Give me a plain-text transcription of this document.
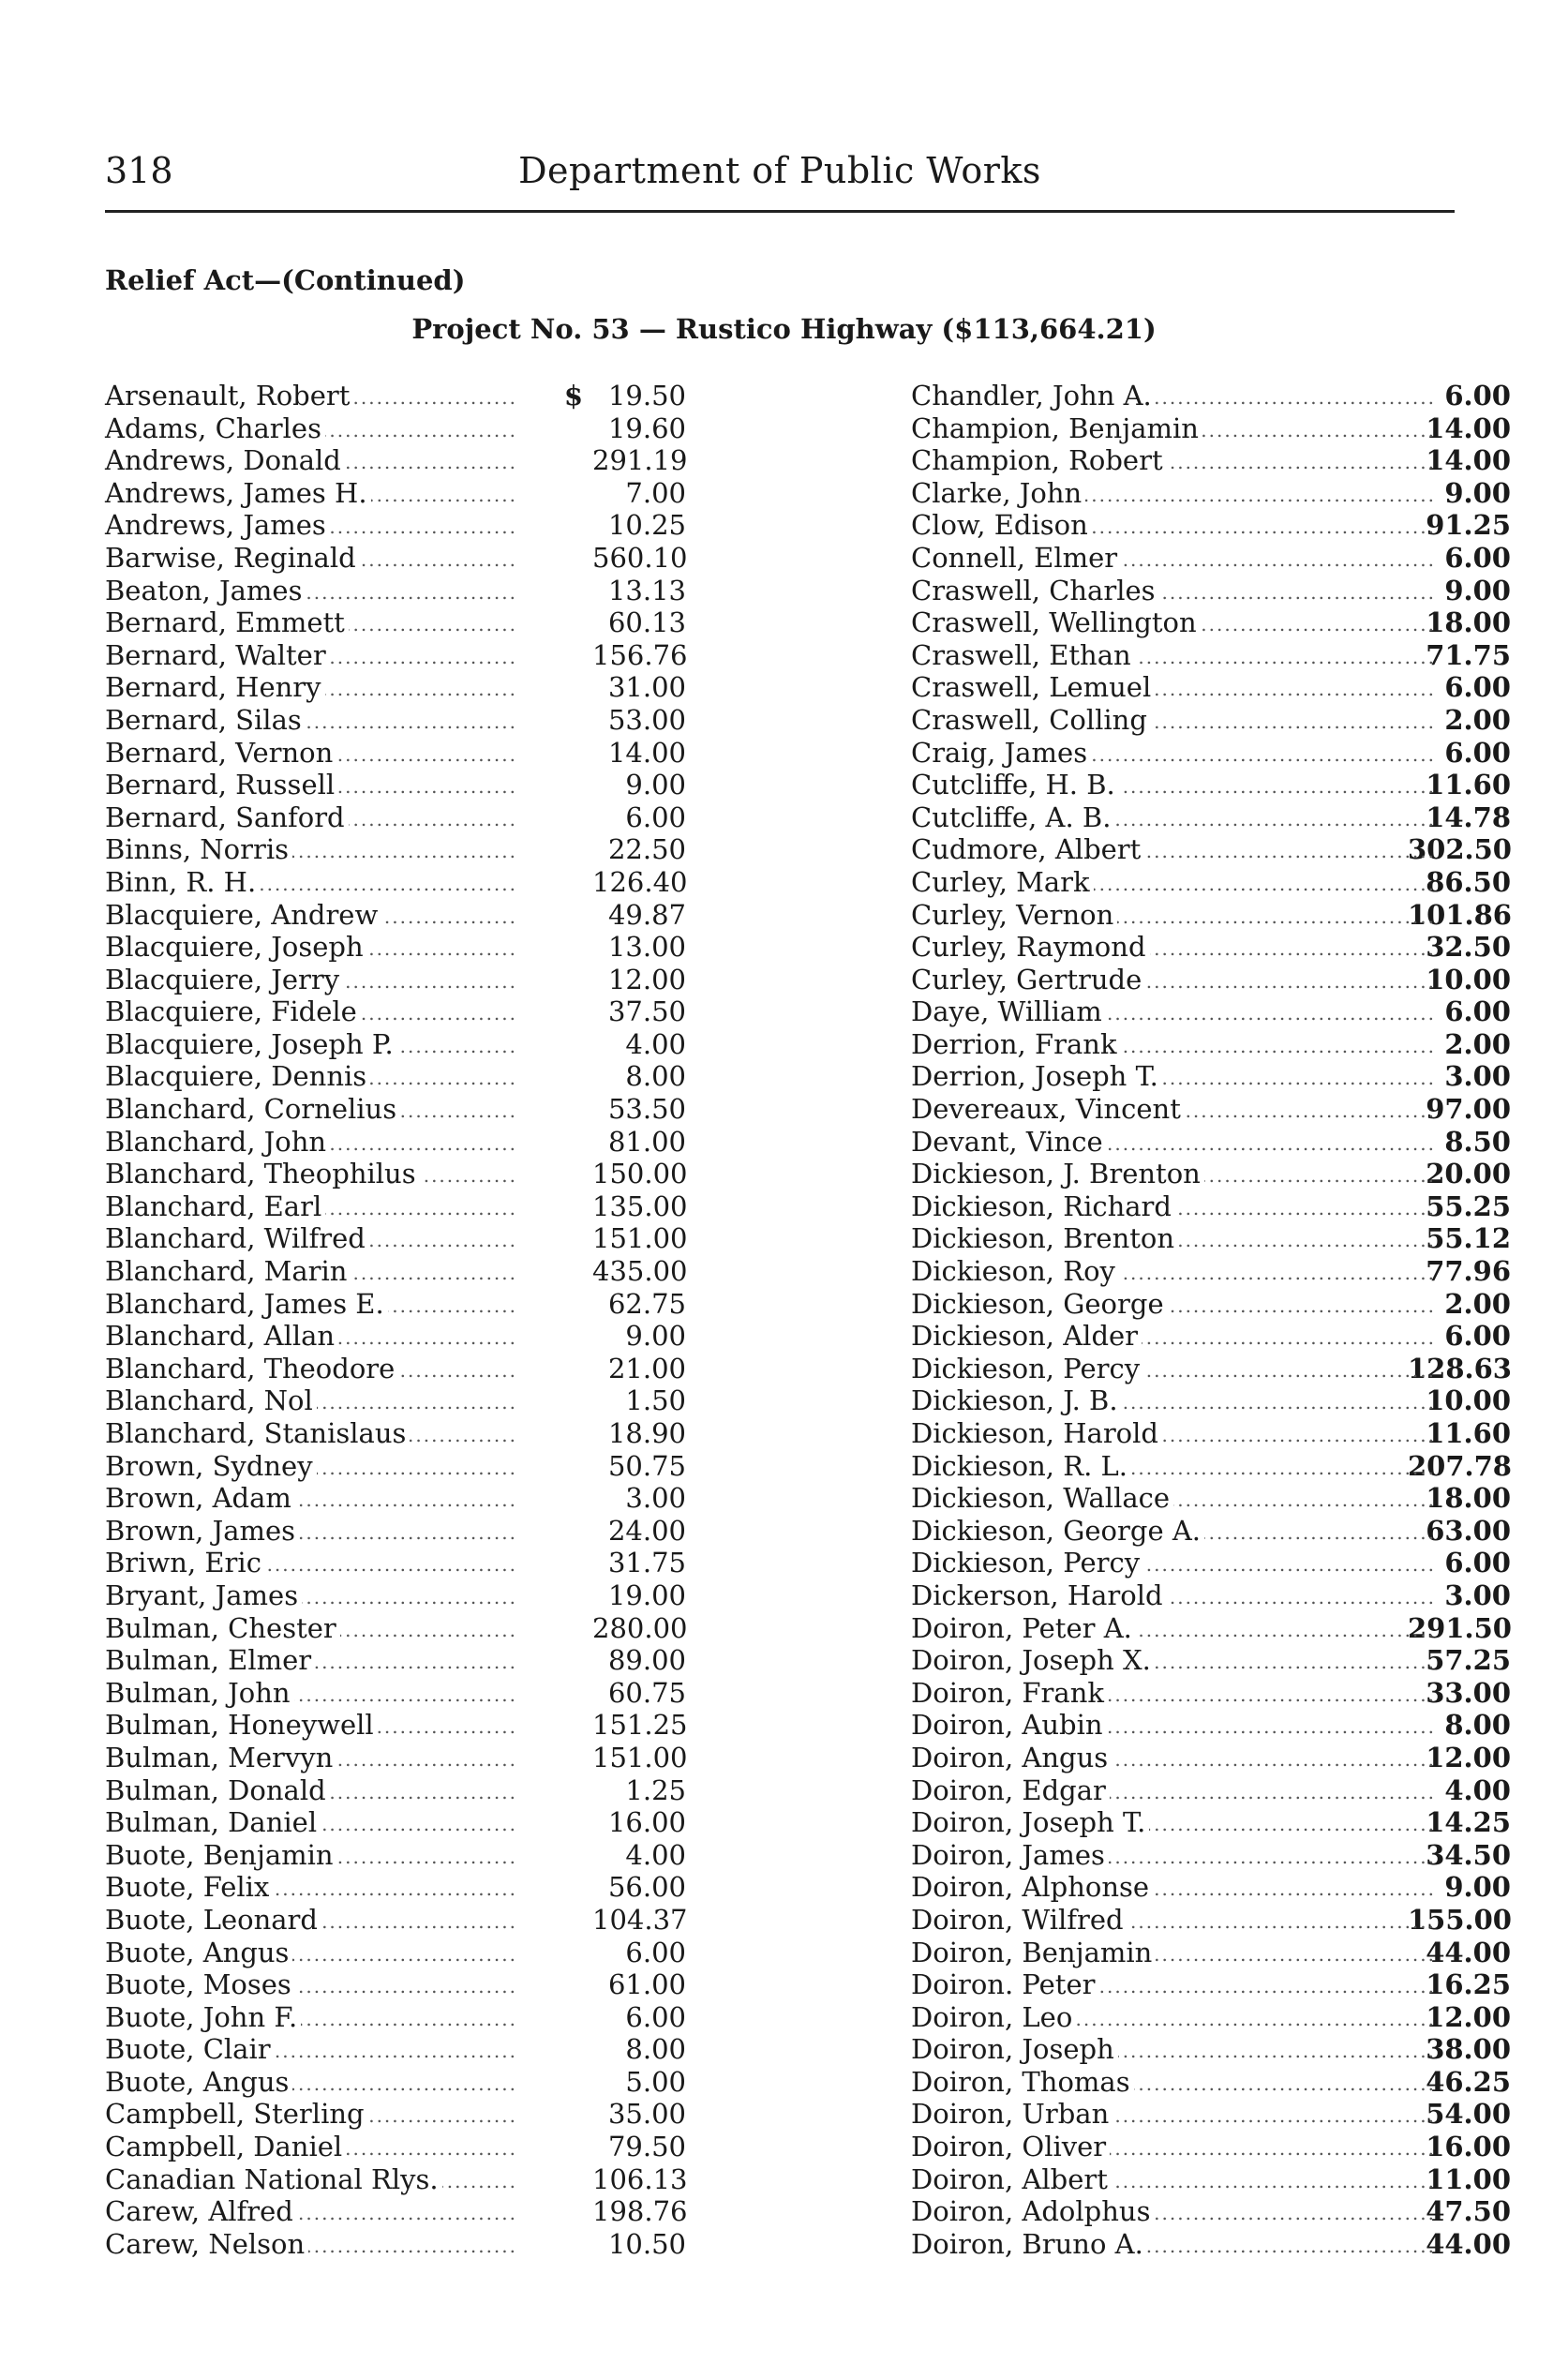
318	Department of Public Works
Relief Act—(Continued)
Project No. 53 — Rustico Highway ($113,664.21)
.....
Arsenault, Robert	$ 19.50
.....
Adams, Charles	19.60
.....
Andrews, Donald	291.19
.....
Andrews, James H.	7.00
.....
Andrews, James	10.25
.....
Barwise, Reginald	560.10
.....
Beaton, James	13.13
.....
Bernard, Emmett	60.13
.....
Bernard, Walter	156.76
.....
Bernard, Henry	31.00
.....
Bernard, Silas	53.00
.....
Bernard, Vernon	14.00
.....
Bernard, Russell	9.00
.....
Bernard, Sanford	6.00
.....
Binns, Norris	22.50
.....
Binn, R. H.	126.40
.....
Blacquiere, Andrew	49.87
.....
Blacquiere, Joseph	13.00
.....
Blacquiere, Jerry	12.00
.....
Blacquiere, Fidele	37.50
.....
Blacquiere, Joseph P.	4.00
.....
Blacquiere, Dennis	8.00
.....
Blanchard, Cornelius	53.50
.....
Blanchard, John	81.00
.....
Blanchard, Theophilus	150.00
.....
Blanchard, Earl	135.00
.....
Blanchard, Wilfred	151.00
.....
Blanchard, Marin	435.00
.....
Blanchard, James E.	62.75
.....
Blanchard, Allan	9.00
.....
Blanchard, Theodore	21.00
.....
Blanchard, Nol	1.50
.....
Blanchard, Stanislaus	18.90
.....
Brown, Sydney	50.75
.....
Brown, Adam	3.00
.....
Brown, James	24.00
.....
Briwn, Eric	31.75
.....
Bryant, James	19.00
.....
Bulman, Chester	280.00
.....
Bulman, Elmer	89.00
.....
Bulman, John	60.75
.....
Bulman, Honeywell	151.25
.....
Bulman, Mervyn	151.00
.....
Bulman, Donald	1.25
.....
Bulman, Daniel	16.00
.....
Buote, Benjamin	4.00
.....
Buote, Felix	56.00
.....
Buote, Leonard	104.37
.....
Buote, Angus	6.00
.....
Buote, Moses	61.00
.....
Buote, John F.	6.00
.....
Buote, Clair	8.00
.....
Buote, Angus	5.00
.....
Campbell, Sterling	35.00
.....
Campbell, Daniel	79.50
.....
Canadian National Rlys.	106.13
.....
Carew, Alfred	198.76
.....
Carew, Nelson	10.50
.....
Chandler, John A.	6.00
.....
Champion, Benjamin	14.00
.....
Champion, Robert	14.00
.....
Clarke, John	9.00
.....
Clow, Edison	91.25
.....
Connell, Elmer	6.00
.....
Craswell, Charles	9.00
.....
Craswell, Wellington	18.00
.....
Craswell, Ethan	71.75
.....
Craswell, Lemuel	6.00
.....
Craswell, Colling	2.00
.....
Craig, James	6.00
.....
Cutcliffe, H. B.	11.60
.....
Cutcliffe, A. B.	14.78
.....
Cudmore, Albert	302.50
.....
Curley, Mark	86.50
.....
Curley, Vernon	101.86
.....
Curley, Raymond	32.50
.....
Curley, Gertrude	10.00
.....
Daye, William	6.00
.....
Derrion, Frank	2.00
.....
Derrion, Joseph T.	3.00
.....
Devereaux, Vincent	97.00
.....
Devant, Vince	8.50
.....
Dickieson, J. Brenton	20.00
.....
Dickieson, Richard	55.25
.....
Dickieson, Brenton	55.12
.....
Dickieson, Roy	77.96
.....
Dickieson, George	2.00
.....
Dickieson, Alder	6.00
.....
Dickieson, Percy	128.63
.....
Dickieson, J. B.	10.00
.....
Dickieson, Harold	11.60
.....
Dickieson, R. L.	207.78
.....
Dickieson, Wallace	18.00
.....
Dickieson, George A.	63.00
.....
Dickieson, Percy	6.00
.....
Dickerson, Harold	3.00
.....
Doiron, Peter A.	291.50
.....
Doiron, Joseph X.	57.25
.....
Doiron, Frank	33.00
.....
Doiron, Aubin	8.00
.....
Doiron, Angus	12.00
.....
Doiron, Edgar	4.00
.....
Doiron, Joseph T.	14.25
.....
Doiron, James	34.50
.....
Doiron, Alphonse	9.00
.....
Doiron, Wilfred	155.00
.....
Doiron, Benjamin	44.00
.....
Doiron. Peter	16.25
.....
Doiron, Leo	12.00
.....
Doiron, Joseph	38.00
.....
Doiron, Thomas	46.25
.....
Doiron, Urban	54.00
.....
Doiron, Oliver	16.00
.....
Doiron, Albert	11.00
.....
Doiron, Adolphus	47.50
.....
Doiron, Bruno A.	44.00
